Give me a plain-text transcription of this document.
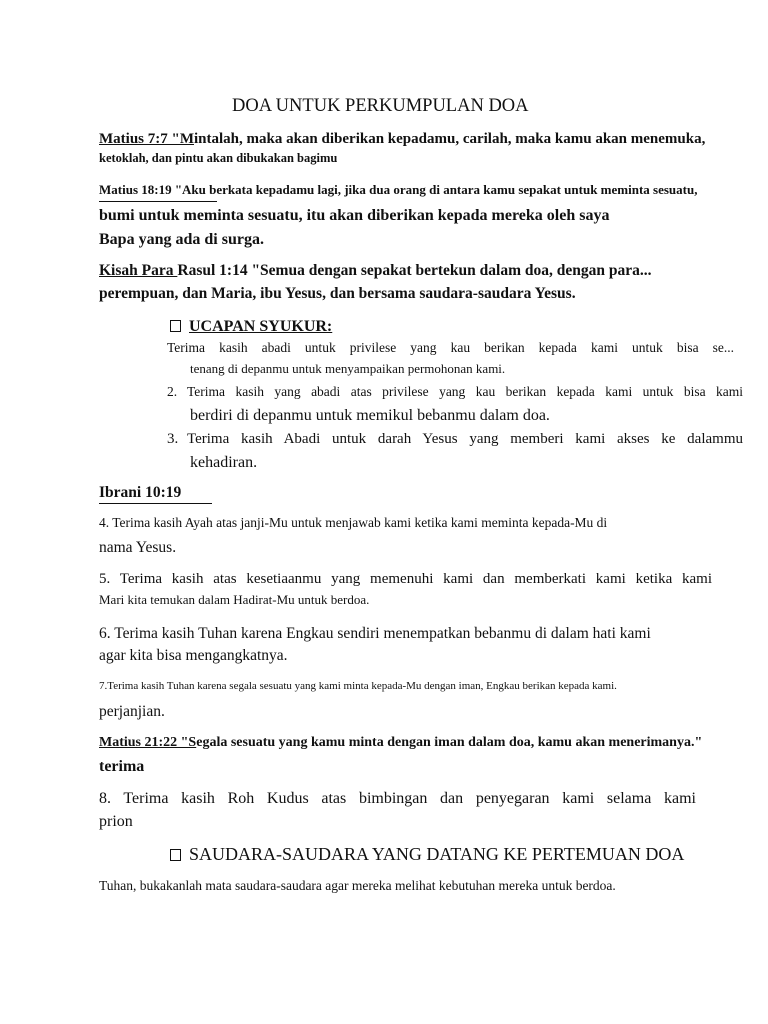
DOA UNTUK PERKUMPULAN DOA
Matius 7:7 "Mintalah, maka akan diberikan kepadamu, carilah, maka kamu akan menemuka,
ketoklah, dan pintu akan dibukakan bagimu
Matius 18:19 "Aku berkata kepadamu lagi, jika dua orang di antara kamu sepakat untuk meminta sesuatu,
bumi untuk meminta sesuatu, itu akan diberikan kepada mereka oleh saya
Bapa yang ada di surga.
Kisah Para Rasul 1:14 "Semua dengan sepakat bertekun dalam doa, dengan para...
perempuan, dan Maria, ibu Yesus, dan bersama saudara-saudara Yesus.
UCAPAN SYUKUR:
Terima kasih abadi untuk privilese yang kau berikan kepada kami untuk bisa se...
tenang di depanmu untuk menyampaikan permohonan kami.
2. Terima kasih yang abadi atas privilese yang kau berikan kepada kami untuk bisa kami
berdiri di depanmu untuk memikul bebanmu dalam doa.
3. Terima kasih Abadi untuk darah Yesus yang memberi kami akses ke dalammu
kehadiran.
Ibrani 10:19
4. Terima kasih Ayah atas janji-Mu untuk menjawab kami ketika kami meminta kepada-Mu di
nama Yesus.
5. Terima kasih atas kesetiaanmu yang memenuhi kami dan memberkati kami ketika kami
Mari kita temukan dalam Hadirat-Mu untuk berdoa.
6. Terima kasih Tuhan karena Engkau sendiri menempatkan bebanmu di dalam hati kami
agar kita bisa mengangkatnya.
7.Terima kasih Tuhan karena segala sesuatu yang kami minta kepada-Mu dengan iman, Engkau berikan kepada kami.
perjanjian.
Matius 21:22 "Segala sesuatu yang kamu minta dengan iman dalam doa, kamu akan menerimanya."
terima
8. Terima kasih Roh Kudus atas bimbingan dan penyegaran kami selama kami
prion
SAUDARA-SAUDARA YANG DATANG KE PERTEMUAN DOA
Tuhan, bukakanlah mata saudara-saudara agar mereka melihat kebutuhan mereka untuk berdoa.
